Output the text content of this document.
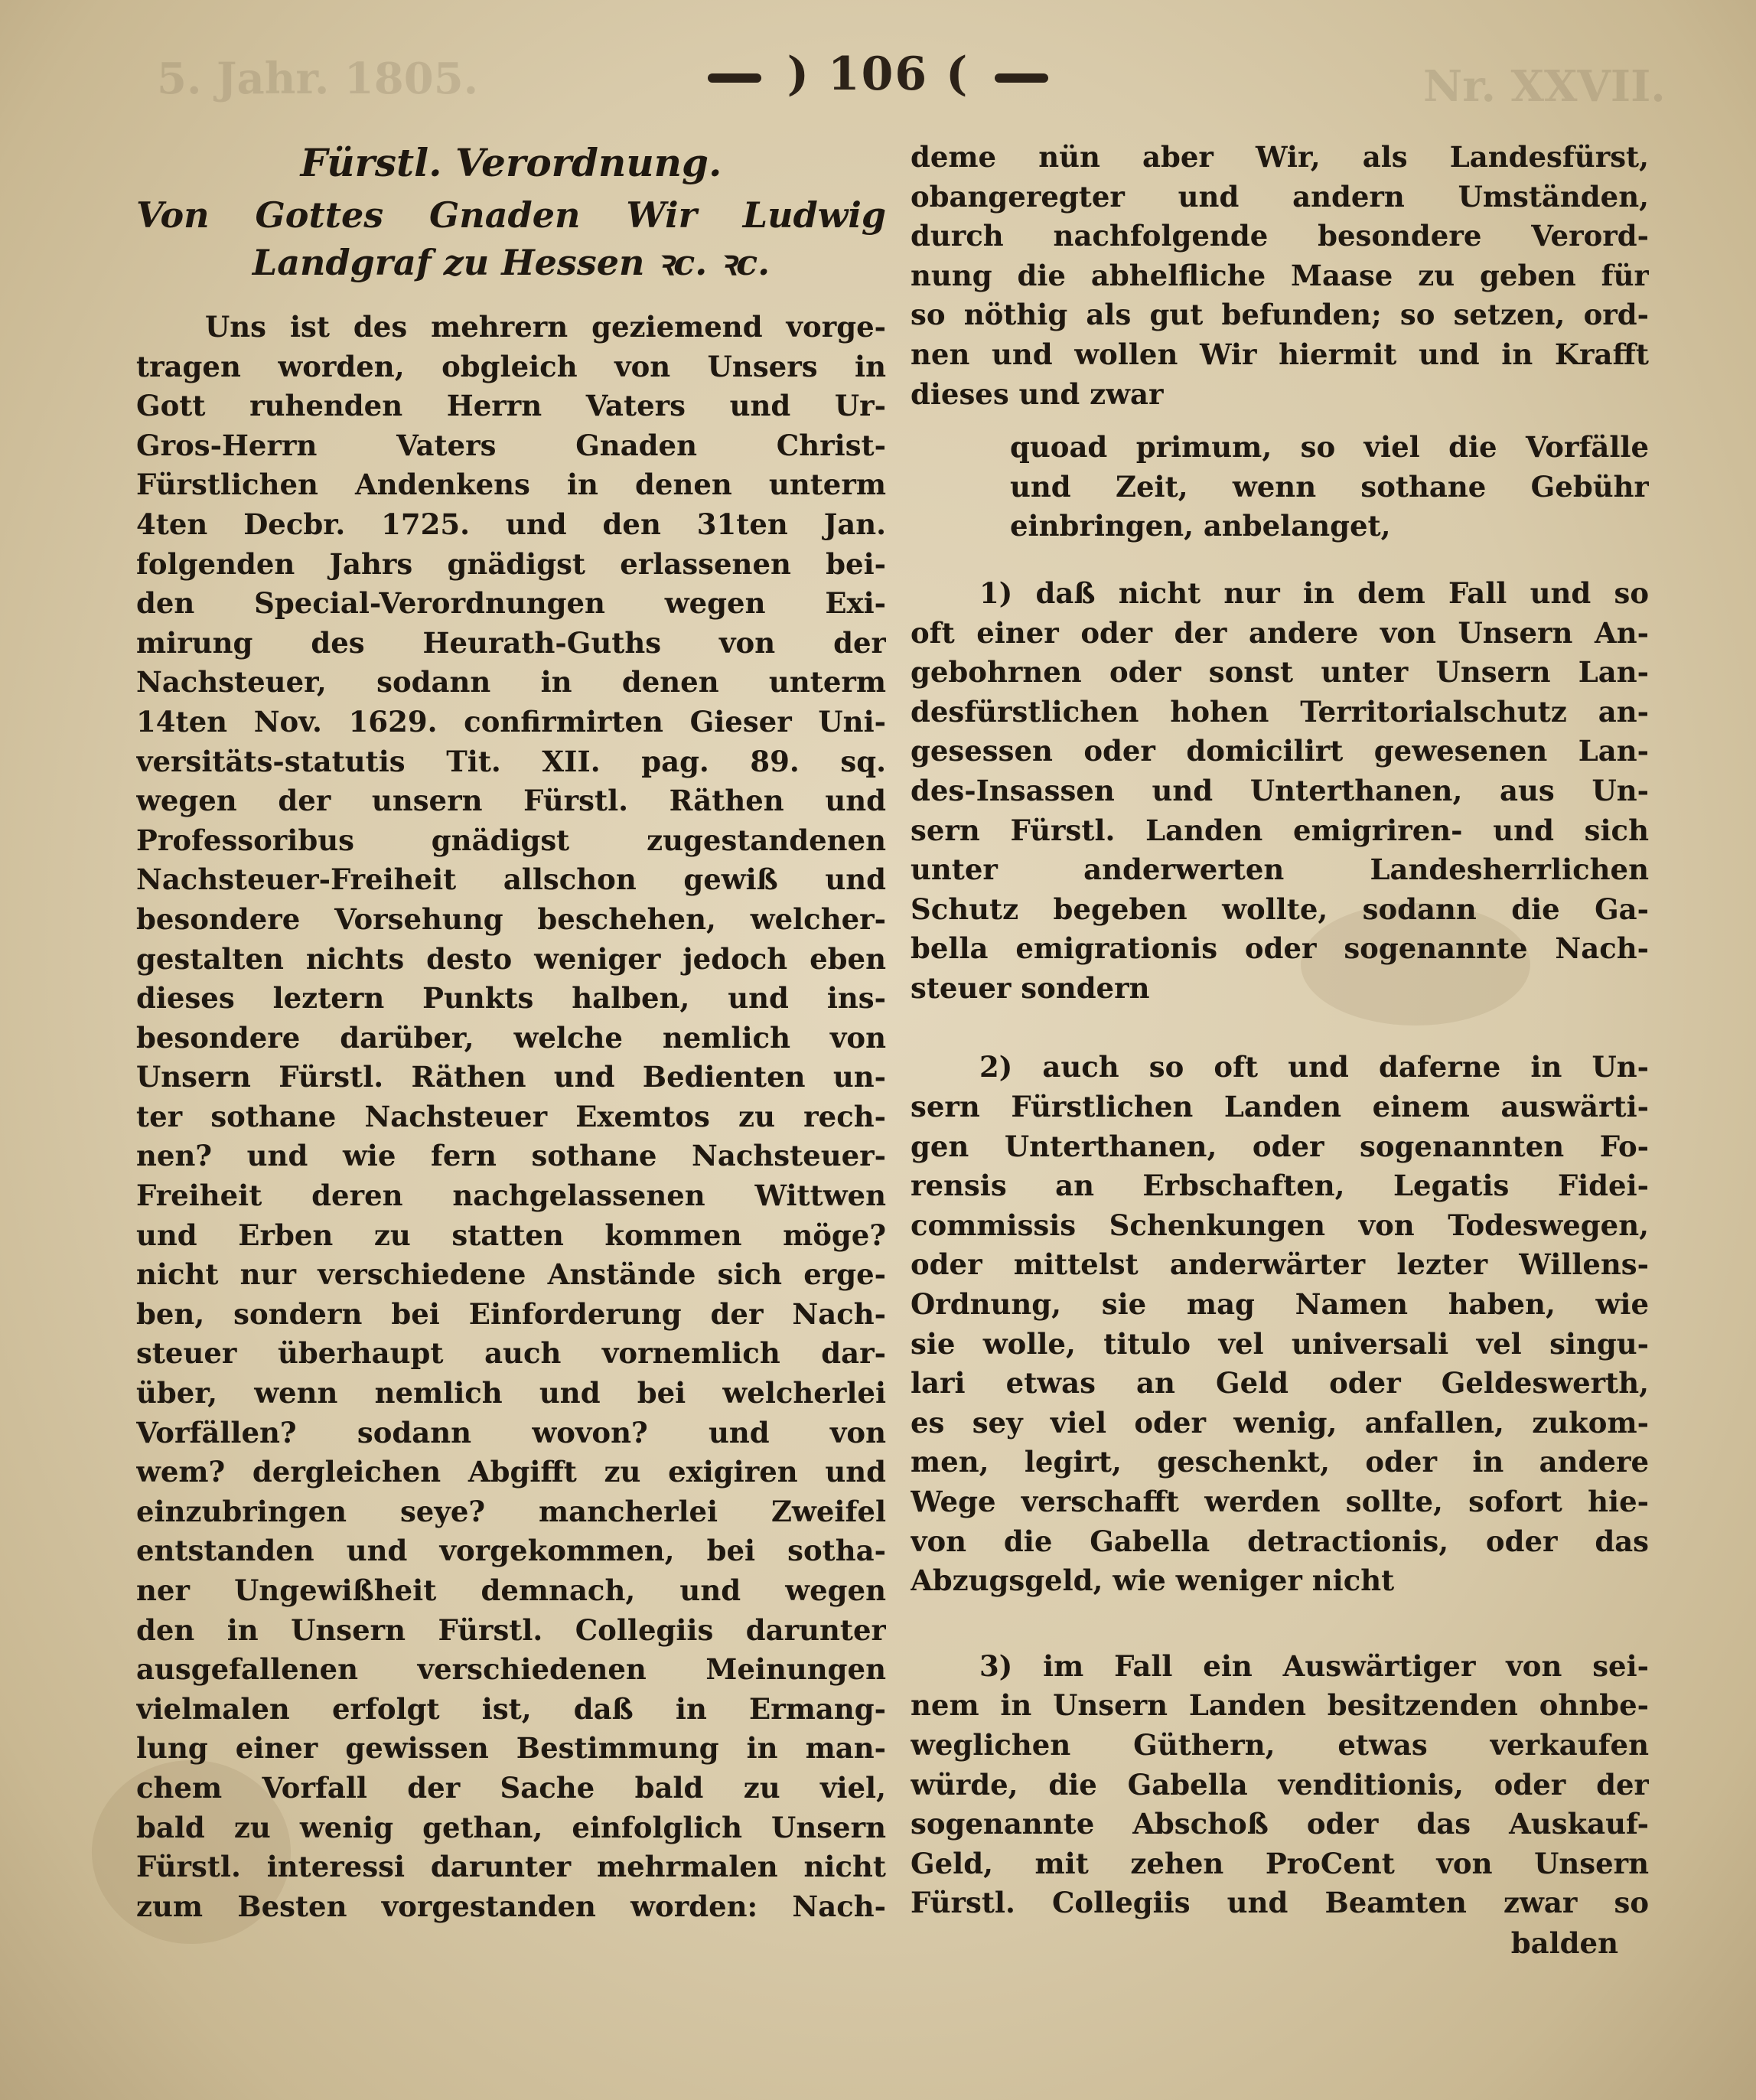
5. Jahr. 1805.	Nr. XXVII.
) 106 (
Fürstl. Verordnung.
Von Gottes Gnaden Wir Ludwig Landgraf zu Hessen ꝛc. ꝛc.
Uns ist des mehrern geziemend vorge-
tragen worden, obgleich von Unsers in
Gott ruhenden Herrn Vaters und Ur-
Gros-Herrn Vaters Gnaden Christ-
Fürstlichen Andenkens in denen unterm
4ten Decbr. 1725. und den 31ten Jan.
folgenden Jahrs gnädigst erlassenen bei-
den Special-Verordnungen wegen Exi-
mirung des Heurath-Guths von der
Nachsteuer, sodann in denen unterm
14ten Nov. 1629. confirmirten Gieser Uni-
versitäts-statutis Tit. XII. pag. 89. sq.
wegen der unsern Fürstl. Räthen und
Professoribus gnädigst zugestandenen
Nachsteuer-Freiheit allschon gewiß und
besondere Vorsehung beschehen, welcher-
gestalten nichts desto weniger jedoch eben
dieses leztern Punkts halben, und ins-
besondere darüber, welche nemlich von
Unsern Fürstl. Räthen und Bedienten un-
ter sothane Nachsteuer Exemtos zu rech-
nen? und wie fern sothane Nachsteuer-
Freiheit deren nachgelassenen Wittwen
und Erben zu statten kommen möge?
nicht nur verschiedene Anstände sich erge-
ben, sondern bei Einforderung der Nach-
steuer überhaupt auch vornemlich dar-
über, wenn nemlich und bei welcherlei
Vorfällen? sodann wovon? und von
wem? dergleichen Abgifft zu exigiren und
einzubringen seye? mancherlei Zweifel
entstanden und vorgekommen, bei sotha-
ner Ungewißheit demnach, und wegen
den in Unsern Fürstl. Collegiis darunter
ausgefallenen verschiedenen Meinungen
vielmalen erfolgt ist, daß in Ermang-
lung einer gewissen Bestimmung in man-
chem Vorfall der Sache bald zu viel,
bald zu wenig gethan, einfolglich Unsern
Fürstl. interessi darunter mehrmalen nicht
zum Besten vorgestanden worden: Nach-
deme nün aber Wir, als Landesfürst,
obangeregter und andern Umständen,
durch nachfolgende besondere Verord-
nung die abhelfliche Maase zu geben für
so nöthig als gut befunden; so setzen, ord-
nen und wollen Wir hiermit und in Krafft
dieses und zwar
quoad primum, so viel die Vorfälle
und Zeit, wenn sothane Gebühr
einbringen, anbelanget,
1) daß nicht nur in dem Fall und so
oft einer oder der andere von Unsern An-
gebohrnen oder sonst unter Unsern Lan-
desfürstlichen hohen Territorialschutz an-
gesessen oder domicilirt gewesenen Lan-
des-Insassen und Unterthanen, aus Un-
sern Fürstl. Landen emigriren- und sich
unter anderwerten Landesherrlichen
Schutz begeben wollte, sodann die Ga-
bella emigrationis oder sogenannte Nach-
steuer sondern
2) auch so oft und daferne in Un-
sern Fürstlichen Landen einem auswärti-
gen Unterthanen, oder sogenannten Fo-
rensis an Erbschaften, Legatis Fidei-
commissis Schenkungen von Todeswegen,
oder mittelst anderwärter lezter Willens-
Ordnung, sie mag Namen haben, wie
sie wolle, titulo vel universali vel singu-
lari etwas an Geld oder Geldeswerth,
es sey viel oder wenig, anfallen, zukom-
men, legirt, geschenkt, oder in andere
Wege verschafft werden sollte, sofort hie-
von die Gabella detractionis, oder das
Abzugsgeld, wie weniger nicht
3) im Fall ein Auswärtiger von sei-
nem in Unsern Landen besitzenden ohnbe-
weglichen Güthern, etwas verkaufen
würde, die Gabella venditionis, oder der
sogenannte Abschoß oder das Auskauf-
Geld, mit zehen ProCent von Unsern
Fürstl. Collegiis und Beamten zwar so
balden
